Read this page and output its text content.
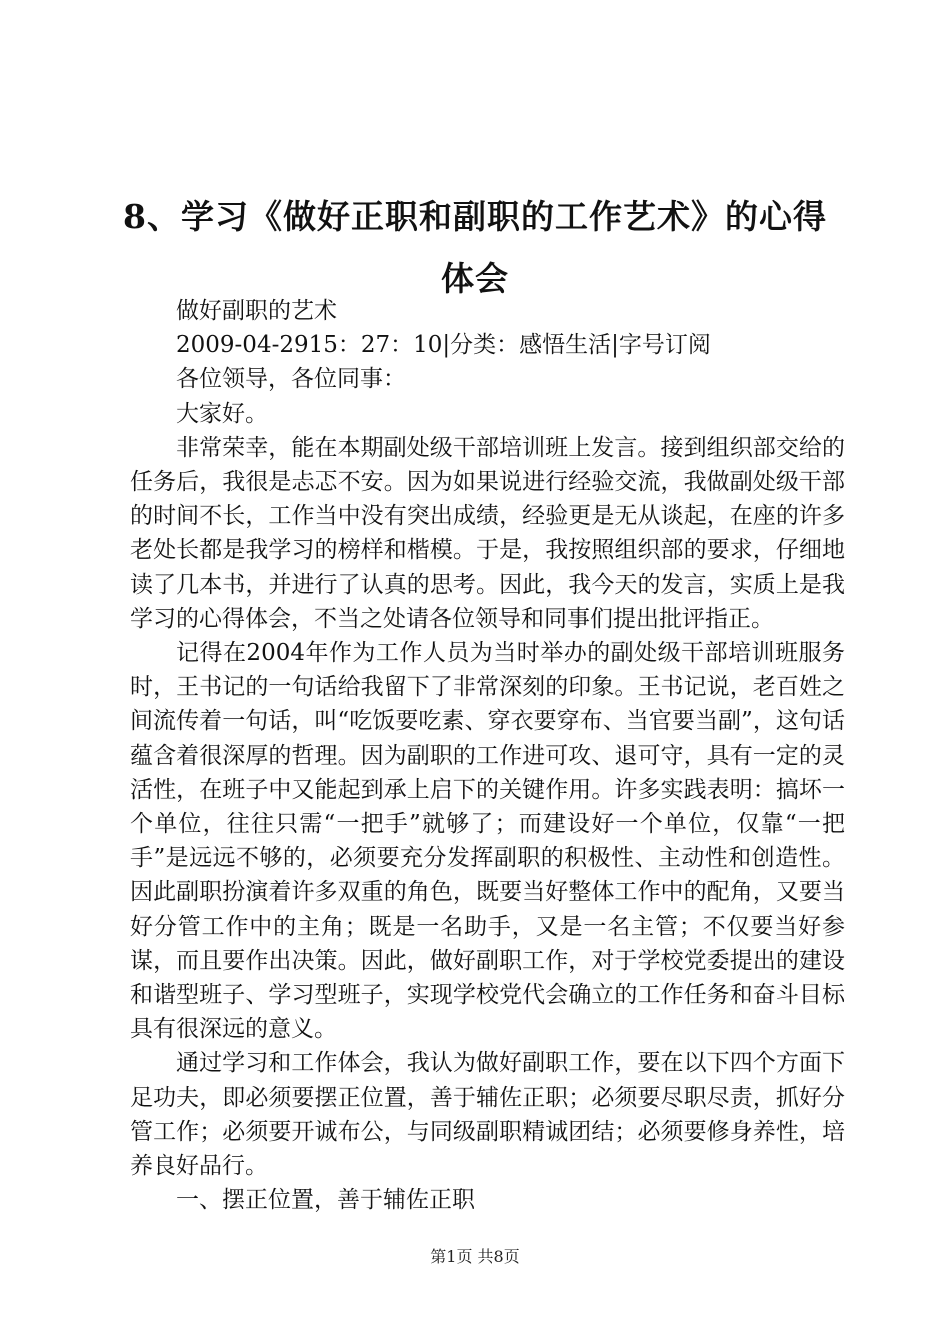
8、学习《做好正职和副职的工作艺术》的心得体会

做好副职的艺术

2009-04-2915：27：10|分类：感悟生活|字号订阅

各位领导，各位同事：

大家好。

非常荣幸，能在本期副处级干部培训班上发言。接到组织部交给的任务后，我很是忐忑不安。因为如果说进行经验交流，我做副处级干部的时间不长，工作当中没有突出成绩，经验更是无从谈起，在座的许多老处长都是我学习的榜样和楷模。于是，我按照组织部的要求，仔细地读了几本书，并进行了认真的思考。因此，我今天的发言，实质上是我学习的心得体会，不当之处请各位领导和同事们提出批评指正。

记得在2004年作为工作人员为当时举办的副处级干部培训班服务时，王书记的一句话给我留下了非常深刻的印象。王书记说，老百姓之间流传着一句话，叫“吃饭要吃素、穿衣要穿布、当官要当副”，这句话蕴含着很深厚的哲理。因为副职的工作进可攻、退可守，具有一定的灵活性，在班子中又能起到承上启下的关键作用。许多实践表明：搞坏一个单位，往往只需“一把手”就够了；而建设好一个单位，仅靠“一把手”是远远不够的，必须要充分发挥副职的积极性、主动性和创造性。因此副职扮演着许多双重的角色，既要当好整体工作中的配角，又要当好分管工作中的主角；既是一名助手，又是一名主管；不仅要当好参谋，而且要作出决策。因此，做好副职工作，对于学校党委提出的建设和谐型班子、学习型班子，实现学校党代会确立的工作任务和奋斗目标具有很深远的意义。

通过学习和工作体会，我认为做好副职工作，要在以下四个方面下足功夫，即必须要摆正位置，善于辅佐正职；必须要尽职尽责，抓好分管工作；必须要开诚布公，与同级副职精诚团结；必须要修身养性，培养良好品行。

一、摆正位置，善于辅佐正职

第1页 共8页
